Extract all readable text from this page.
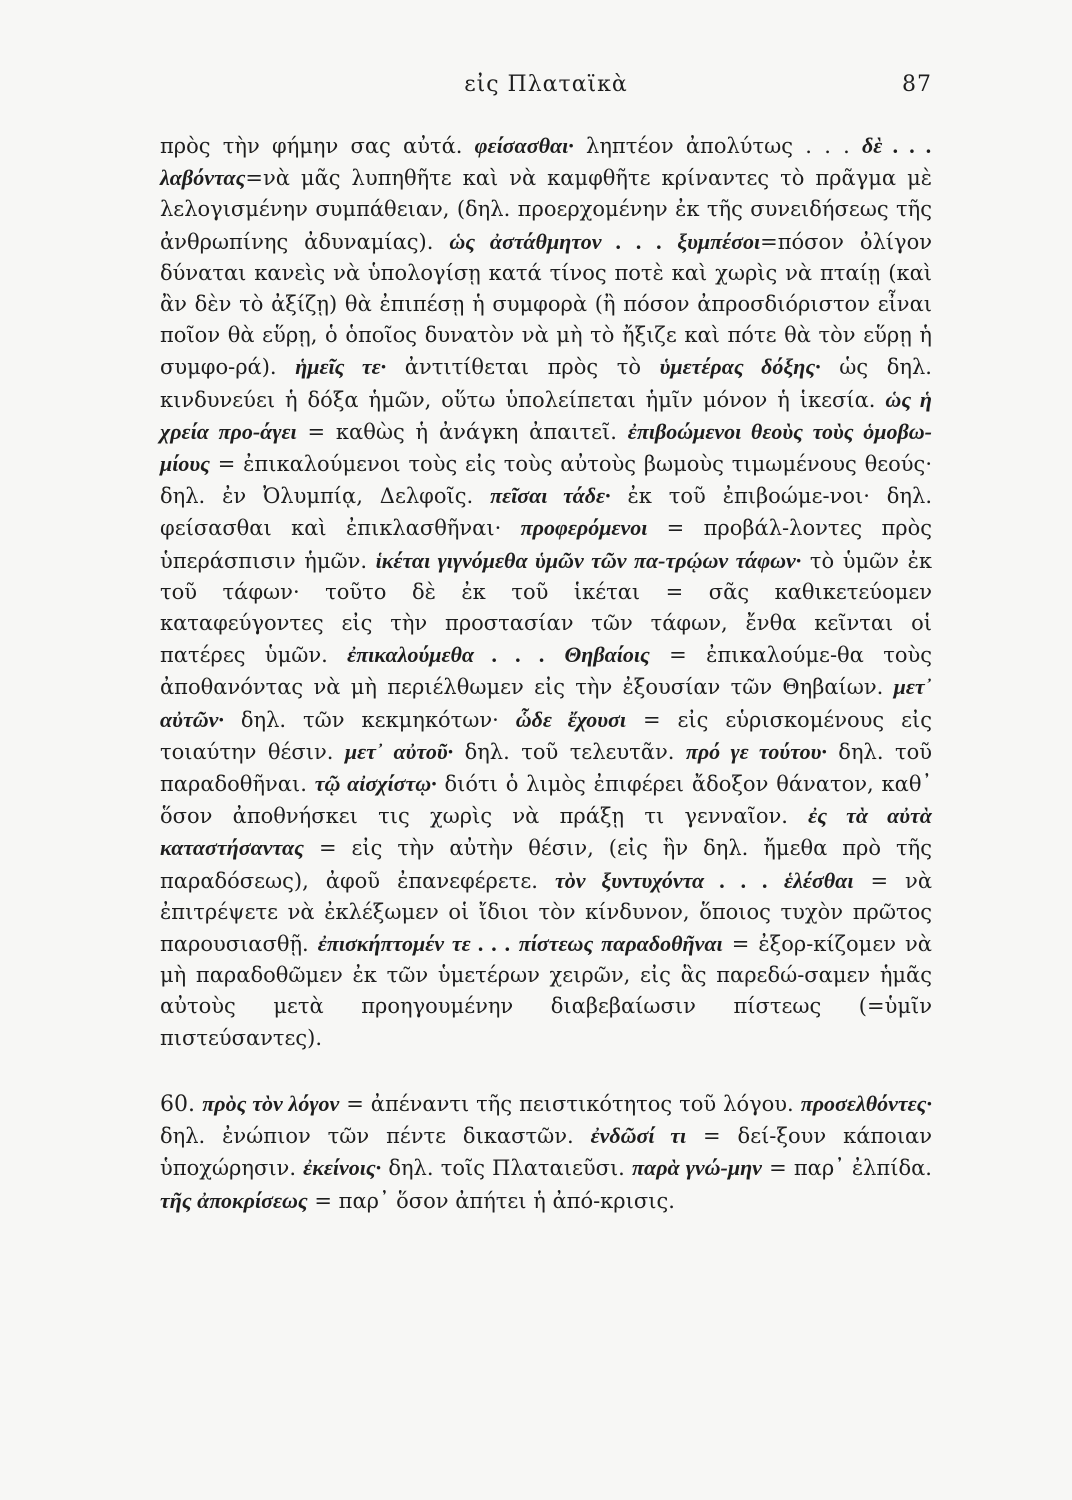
εἰς Πλαταϊκὰ	87

πρὸς τὴν φήμην σας αὐτά. φείσασθαι· ληπτέον ἀπολύτως . . . δὲ . . . λαβόντας=νὰ μᾶς λυπηθῆτε καὶ νὰ καμφθῆτε κρίναντες τὸ πρᾶγμα μὲ λελογισμένην συμπάθειαν, (δηλ. προερχομένην ἐκ τῆς συνειδήσεως τῆς ἀνθρωπίνης ἀδυναμίας). ὡς ἀστάθμητον . . . ξυμπέσοι=πόσον ὀλίγον δύναται κανεὶς νὰ ὑπολογίσῃ κατά τίνος ποτὲ καὶ χωρὶς νὰ πταίῃ (καὶ ἂν δὲν τὸ ἀξίζῃ) θὰ ἐπιπέσῃ ἡ συμφορὰ (ἢ πόσον ἀπροσδιόριστον εἶναι ποῖον θὰ εὕρῃ, ὁ ὁποῖος δυνατὸν νὰ μὴ τὸ ἤξιζε καὶ πότε θὰ τὸν εὕρῃ ἡ συμφο-ρά). ἡμεῖς τε· ἀντιτίθεται πρὸς τὸ ὑμετέρας δόξης· ὡς δηλ. κινδυνεύει ἡ δόξα ἡμῶν, οὕτω ὑπολείπεται ἡμῖν μόνον ἡ ἱκεσία. ὡς ἡ χρεία προ-άγει = καθὼς ἡ ἀνάγκη ἀπαιτεῖ. ἐπιβοώμενοι θεοὺς τοὺς ὁμοβω-μίους = ἐπικαλούμενοι τοὺς εἰς τοὺς αὐτοὺς βωμοὺς τιμωμένους θεούς· δηλ. ἐν Ὀλυμπίᾳ, Δελφοῖς. πεῖσαι τάδε· ἐκ τοῦ ἐπιβοώμε-νοι· δηλ. φείσασθαι καὶ ἐπικλασθῆναι· προφερόμενοι = προβάλ-λοντες πρὸς ὑπεράσπισιν ἡμῶν. ἱκέται γιγνόμεθα ὑμῶν τῶν πα-τρῴων τάφων· τὸ ὑμῶν ἐκ τοῦ τάφων· τοῦτο δὲ ἐκ τοῦ ἱκέται = σᾶς καθικετεύομεν καταφεύγοντες εἰς τὴν προστασίαν τῶν τάφων, ἔνθα κεῖνται οἱ πατέρες ὑμῶν. ἐπικαλούμεθα . . . Θηβαίοις = ἐπικαλούμε-θα τοὺς ἀποθανόντας νὰ μὴ περιέλθωμεν εἰς τὴν ἐξουσίαν τῶν Θηβαίων. μετ᾽ αὐτῶν· δηλ. τῶν κεκμηκότων· ὧδε ἔχουσι = εἰς εὑρισκομένους εἰς τοιαύτην θέσιν. μετ᾽ αὐτοῦ· δηλ. τοῦ τελευτᾶν. πρό γε τούτου· δηλ. τοῦ παραδοθῆναι. τῷ αἰσχίστῳ· διότι ὁ λιμὸς ἐπιφέρει ἄδοξον θάνατον, καθ᾽ ὅσον ἀποθνήσκει τις χωρὶς νὰ πράξῃ τι γενναῖον. ἐς τὰ αὐτὰ καταστήσαντας = εἰς τὴν αὐτὴν θέσιν, (εἰς ἣν δηλ. ἤμεθα πρὸ τῆς παραδόσεως), ἀφοῦ ἐπανεφέρετε. τὸν ξυντυχόντα . . . ἑλέσθαι = νὰ ἐπιτρέψετε νὰ ἐκλέξωμεν οἱ ἴδιοι τὸν κίνδυνον, ὅποιος τυχὸν πρῶτος παρουσιασθῇ. ἐπισκήπτομέν τε . . . πίστεως παραδοθῆναι = ἐξορ-κίζομεν νὰ μὴ παραδοθῶμεν ἐκ τῶν ὑμετέρων χειρῶν, εἰς ἃς παρεδώ-σαμεν ἡμᾶς αὐτοὺς μετὰ προηγουμένην διαβεβαίωσιν πίστεως (=ὑμῖν πιστεύσαντες).

60. πρὸς τὸν λόγον = ἀπέναντι τῆς πειστικότητος τοῦ λόγου. προσελθόντες· δηλ. ἐνώπιον τῶν πέντε δικαστῶν. ἐνδῶσί τι = δεί-ξουν κάποιαν ὑποχώρησιν. ἐκείνοις· δηλ. τοῖς Πλαταιεῦσι. παρὰ γνώ-μην = παρ᾽ ἐλπίδα. τῆς ἀποκρίσεως = παρ᾽ ὅσον ἀπήτει ἡ ἀπό-κρισις.
